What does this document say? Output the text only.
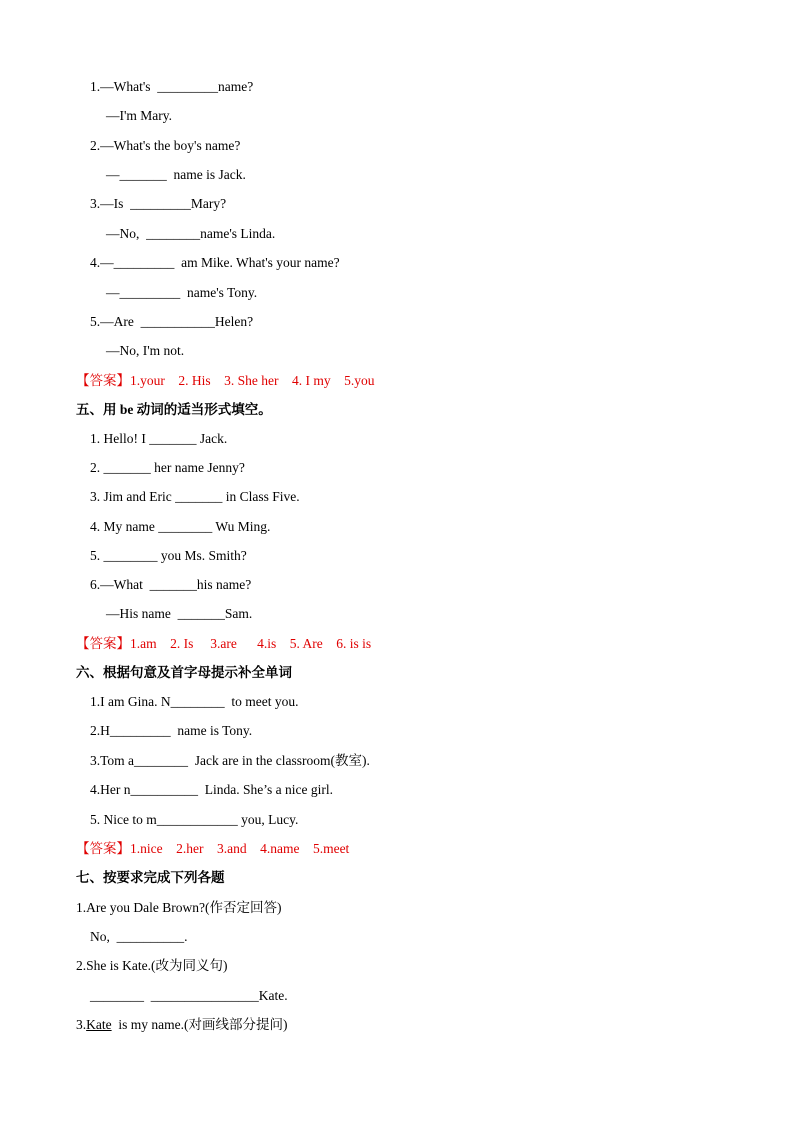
1.—What's  _________name?
—I'm Mary.
2.—What's the boy's name?
—_______  name is Jack.
3.—Is  _________Mary?
—No,  ________name's Linda.
4.—_________  am Mike. What's your name?
—_________  name's Tony.
5.—Are  ___________Helen?
—No, I'm not.
【答案】1.your    2. His    3. She her    4. I my    5.you
五、用 be 动词的适当形式填空。
1. Hello! I _______ Jack.
2. _______ her name Jenny?
3. Jim and Eric _______ in Class Five.
4. My name ________ Wu Ming.
5. ________ you Ms. Smith?
6.—What  _______his name?
—His name  _______Sam.
【答案】1.am    2. Is     3.are      4.is    5. Are    6. is is
六、根据句意及首字母提示补全单词
1.I am Gina. N________  to meet you.
2.H_________  name is Tony.
3.Tom a________  Jack are in the classroom(教室).
4.Her n__________  Linda. She’s a nice girl.
5. Nice to m____________ you, Lucy.
【答案】1.nice    2.her    3.and    4.name    5.meet
七、按要求完成下列各题
1.Are you Dale Brown?(作否定回答)
No,  __________.
2.She is Kate.(改为同义句)
________  ________________Kate.
3.Kate  is my name.(对画线部分提问)
